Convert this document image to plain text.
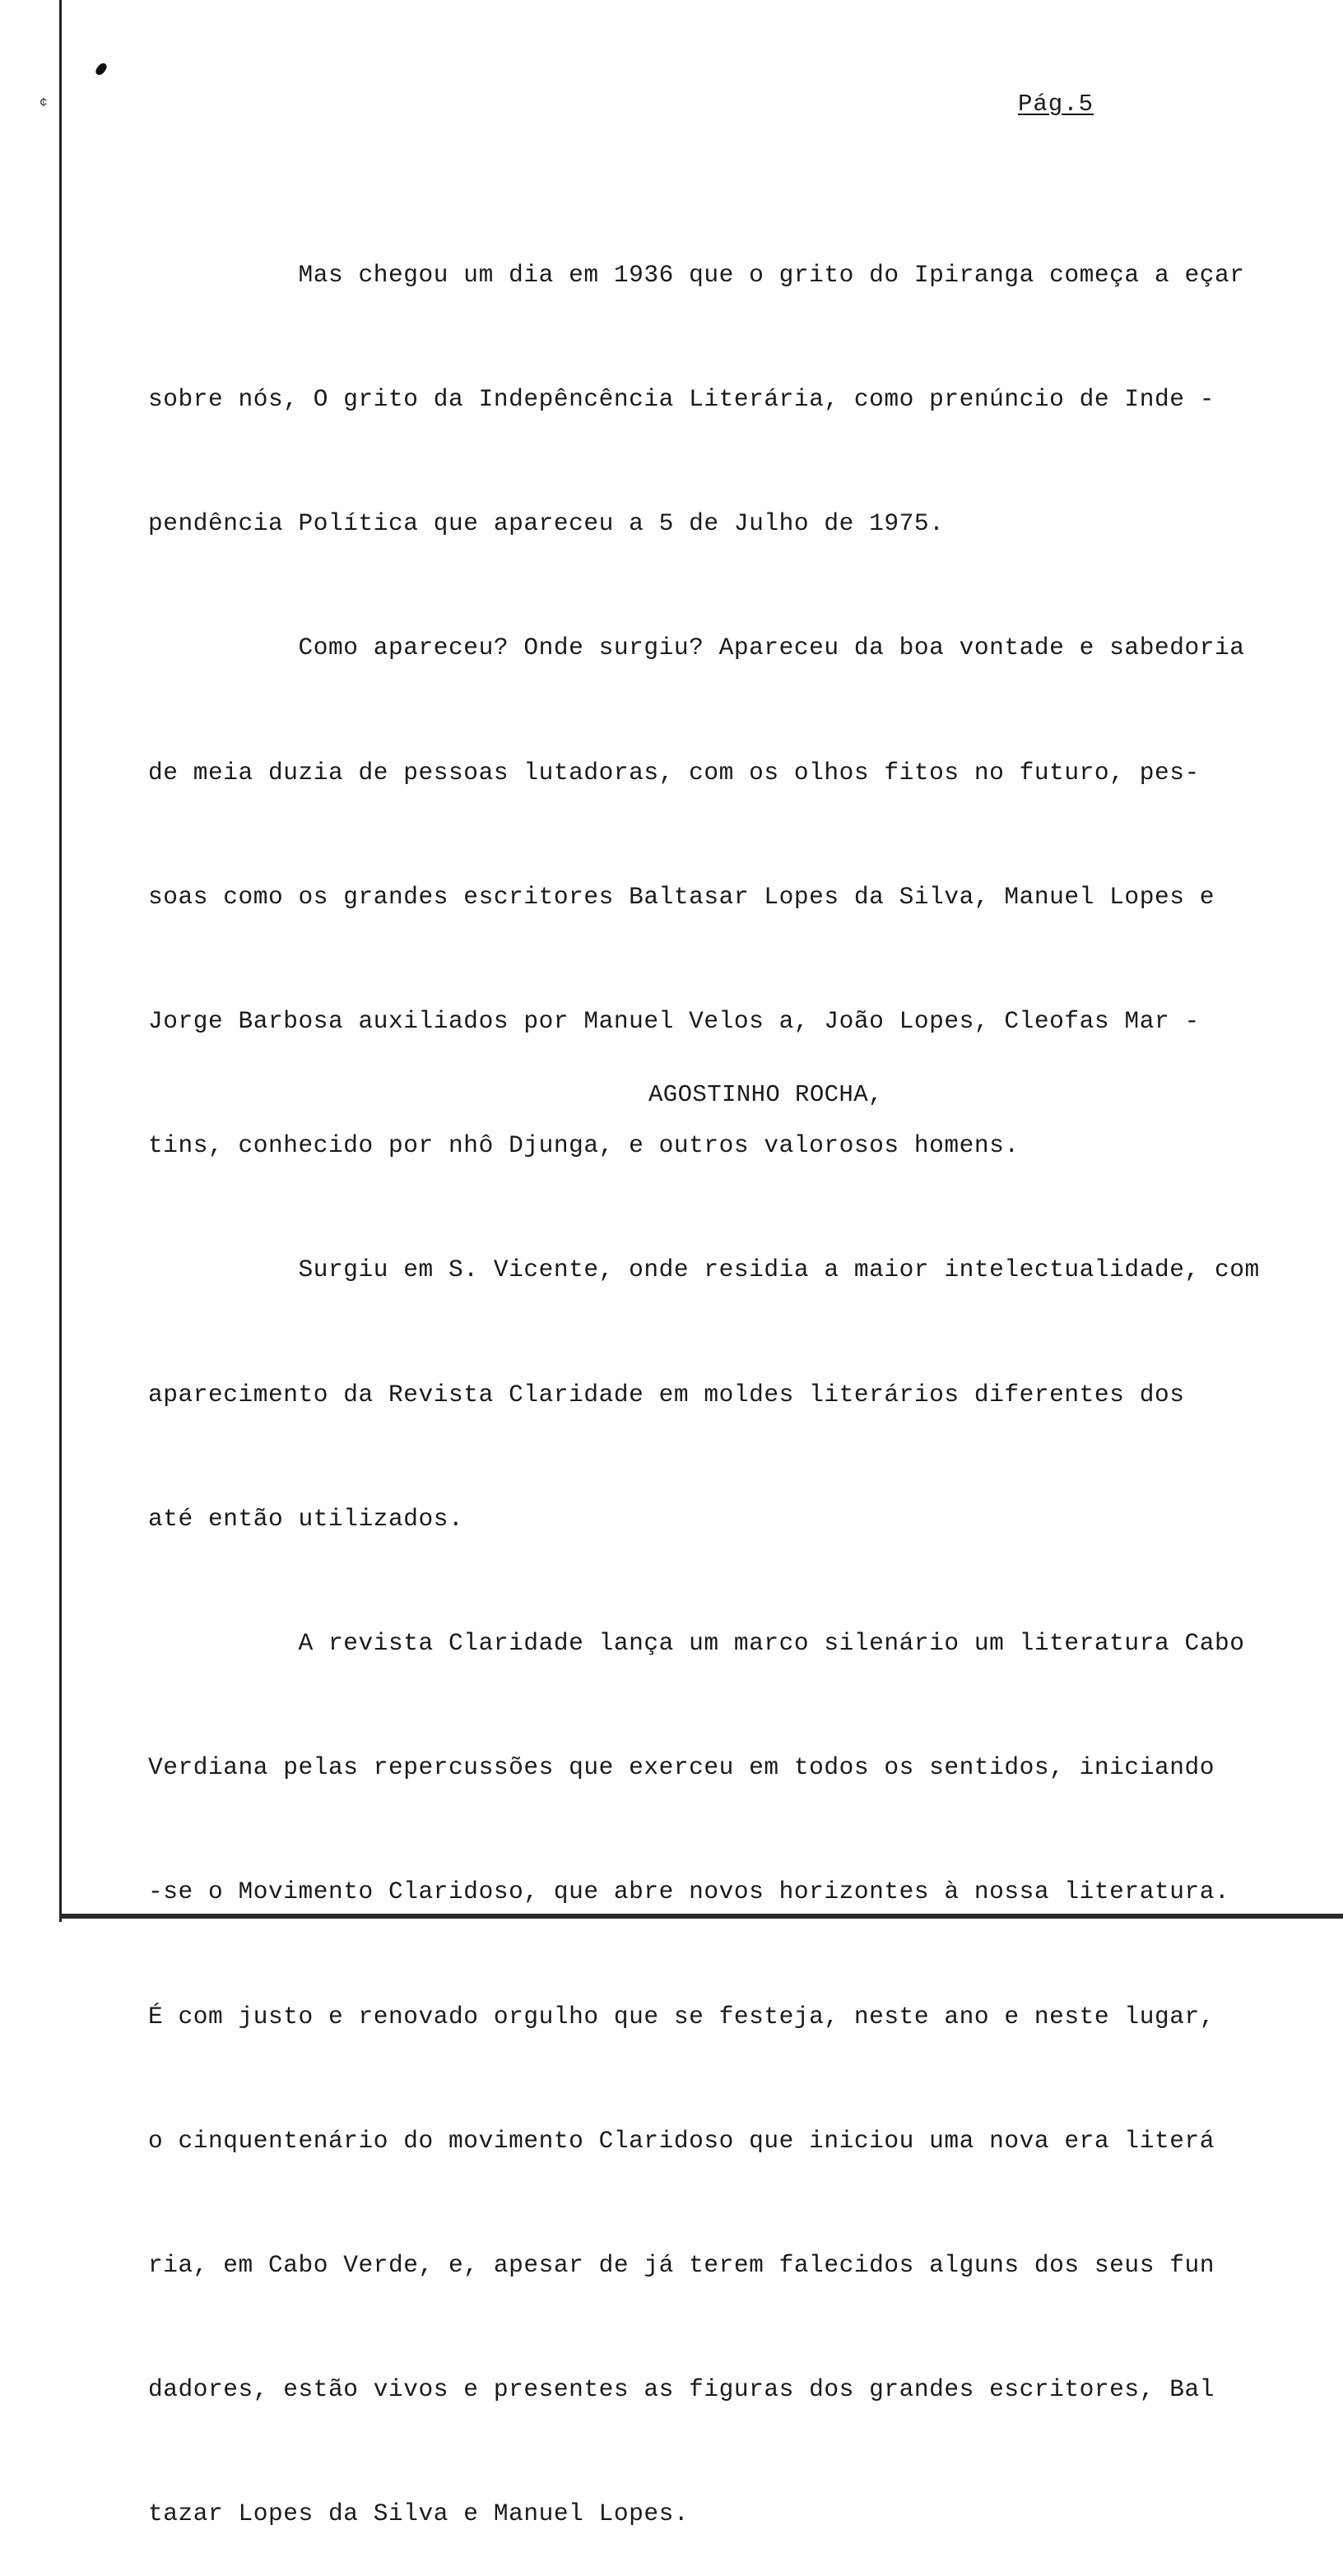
¢	Pág.5

Mas chegou um dia em 1936 que o grito do Ipiranga começa a eçar

sobre nós, O grito da Indepêncência Literária, como prenúncio de Inde -

pendência Política que apareceu a 5 de Julho de 1975.

Como apareceu? Onde surgiu? Apareceu da boa vontade e sabedoria

de meia duzia de pessoas lutadoras, com os olhos fitos no futuro, pes-

soas como os grandes escritores Baltasar Lopes da Silva, Manuel Lopes e

Jorge Barbosa auxiliados por Manuel Velos a, João Lopes, Cleofas Mar -

tins, conhecido por nhô Djunga, e outros valorosos homens.

Surgiu em S. Vicente, onde residia a maior intelectualidade, com

aparecimento da Revista Claridade em moldes literários diferentes dos

até então utilizados.

A revista Claridade lança um marco silenário um literatura Cabo

Verdiana pelas repercussões que exerceu em todos os sentidos, iniciando

-se o Movimento Claridoso, que abre novos horizontes à nossa literatura.

É com justo e renovado orgulho que se festeja, neste ano e neste lugar,

o cinquentenário do movimento Claridoso que iniciou uma nova era literá

ria, em Cabo Verde, e, apesar de já terem falecidos alguns dos seus fun

dadores, estão vivos e presentes as figuras dos grandes escritores, Bal

tazar Lopes da Silva e Manuel Lopes.

AGOSTINHO ROCHA,
